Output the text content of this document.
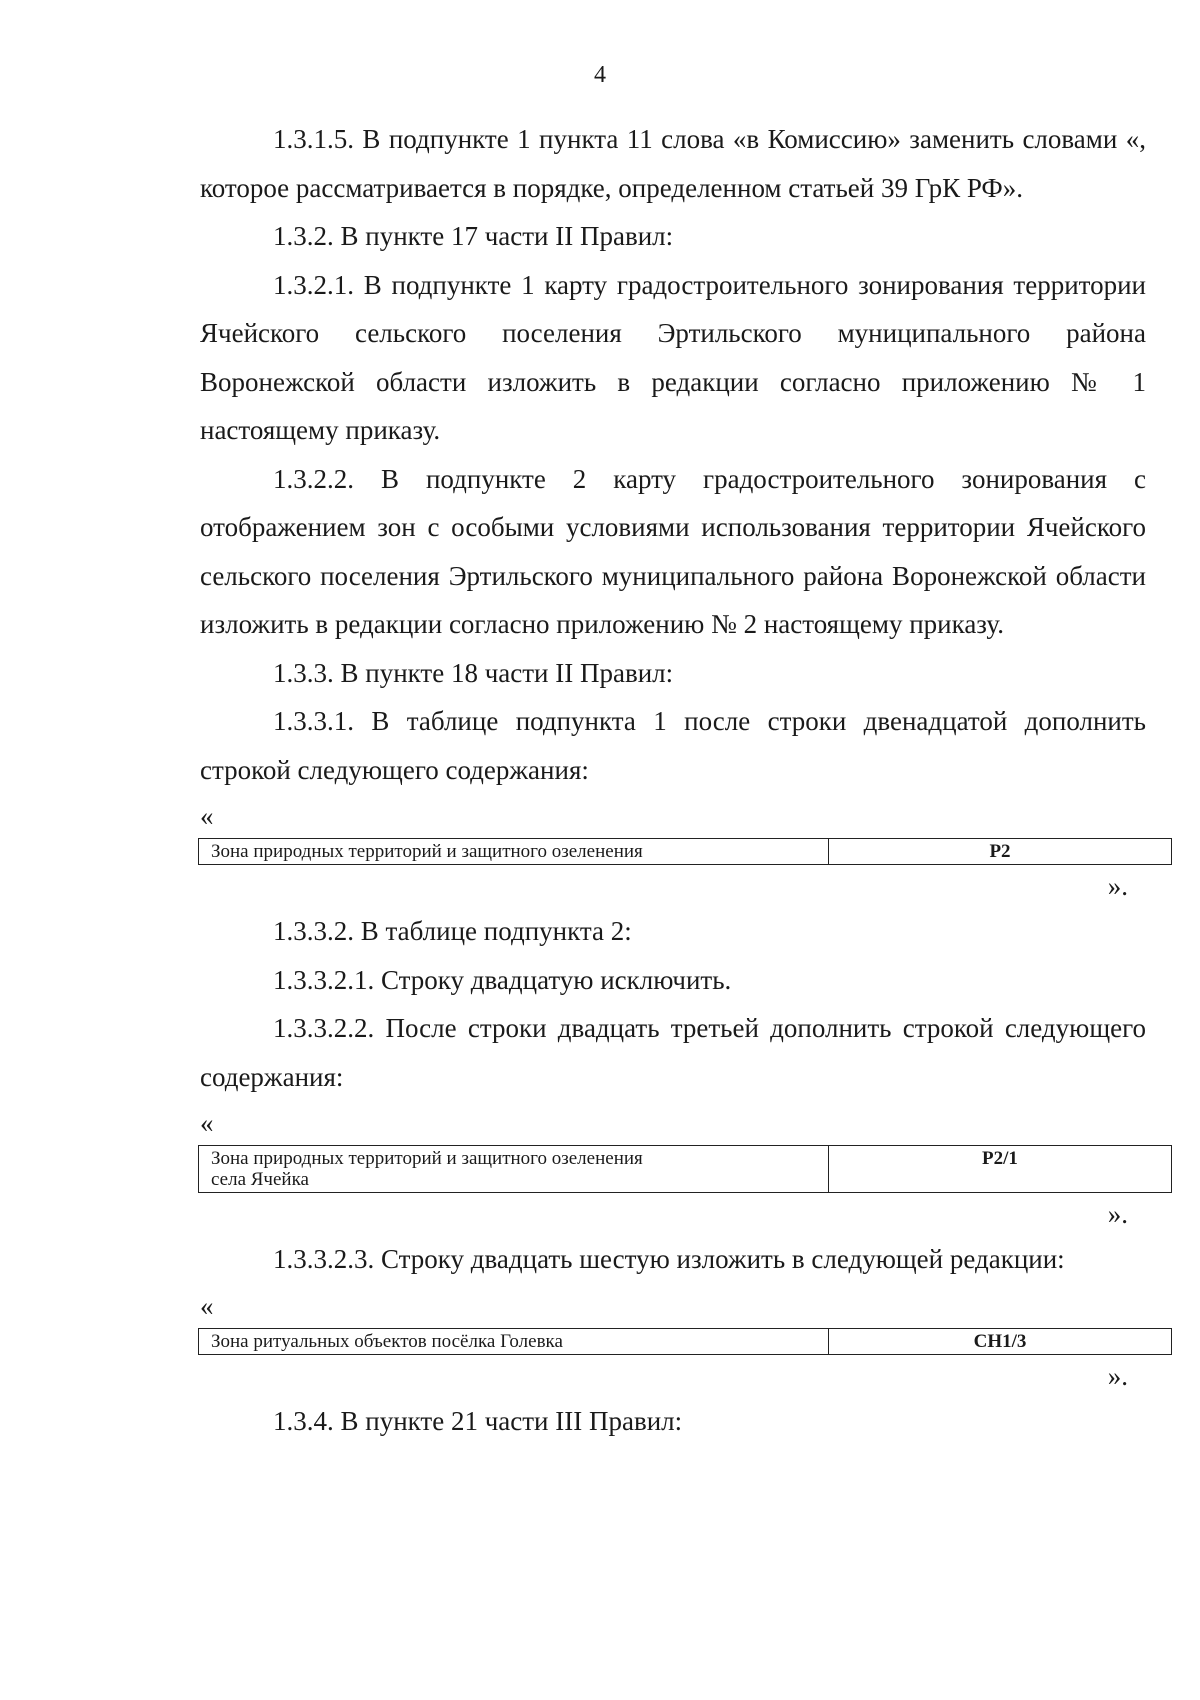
4

1.3.1.5. В подпункте 1 пункта 11 слова «в Комиссию» заменить словами «, которое рассматривается в порядке, определенном статьей 39 ГрК РФ».

1.3.2. В пункте 17 части II Правил:

1.3.2.1. В подпункте 1 карту градостроительного зонирования территории Ячейского сельского поселения Эртильского муниципального района Воронежской области изложить в редакции согласно приложению № 1 настоящему приказу.

1.3.2.2. В подпункте 2 карту градостроительного зонирования с отображением зон с особыми условиями использования территории Ячейского сельского поселения Эртильского муниципального района Воронежской области изложить в редакции согласно приложению № 2 настоящему приказу.

1.3.3. В пункте 18 части II Правил:

1.3.3.1. В таблице подпункта 1 после строки двенадцатой дополнить строкой следующего содержания:

«

Зона природных территорий и защитного озеленения	Р2

».

1.3.3.2. В таблице подпункта 2:

1.3.3.2.1. Строку двадцатую исключить.

1.3.3.2.2. После строки двадцать третьей дополнить строкой следующего содержания:

«

Зона природных территорий и защитного озеленения
села Ячейка
	Р2/1

».

1.3.3.2.3. Строку двадцать шестую изложить в следующей редакции:

«

Зона ритуальных объектов посёлка Голевка	СН1/3

».

1.3.4. В пункте 21 части III Правил:
